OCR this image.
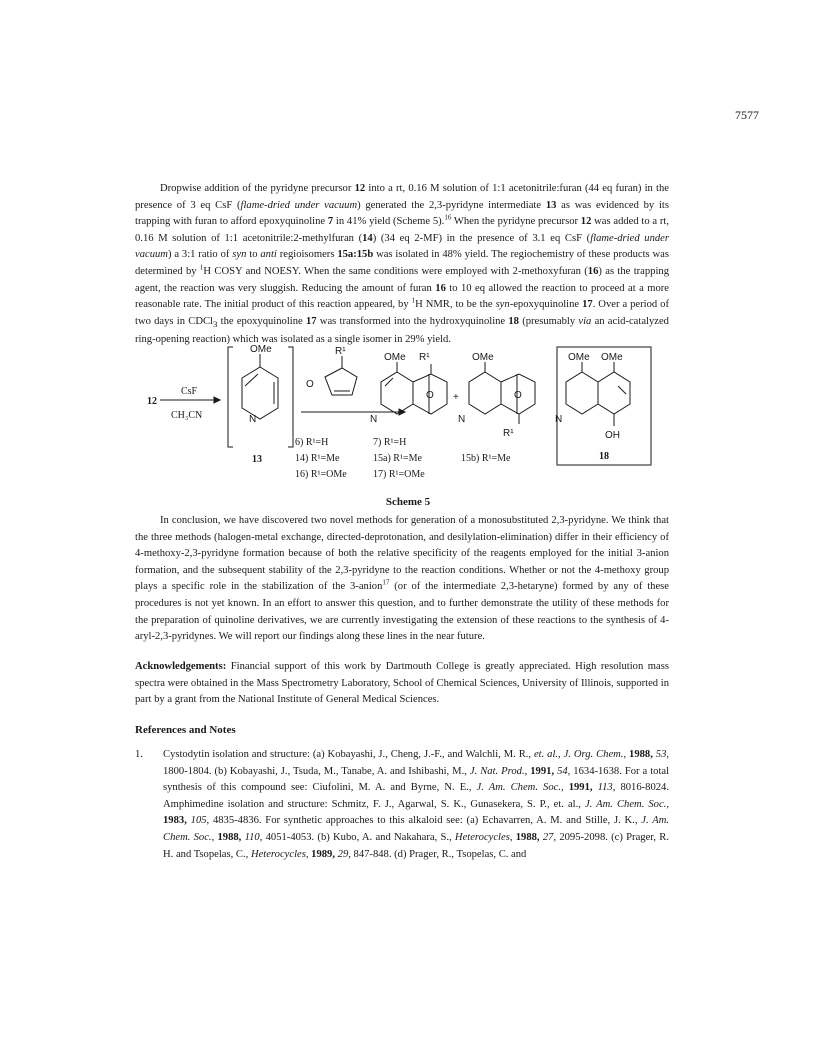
7577

Dropwise addition of the pyridyne precursor 12 into a rt, 0.16 M solution of 1:1 acetonitrile:furan (44 eq furan) in the presence of 3 eq CsF (flame-dried under vacuum) generated the 2,3-pyridyne intermediate 13 as was evidenced by its trapping with furan to afford epoxyquinoline 7 in 41% yield (Scheme 5).$^{16}$ When the pyridyne precursor 12 was added to a rt, 0.16 M solution of 1:1 acetonitrile:2-methylfuran (14) (34 eq 2-MF) in the presence of 3.1 eq CsF (flame-dried under vacuum) a 3:1 ratio of syn to anti regioisomers 15a:15b was isolated in 48% yield. The regiochemistry of these products was determined by $^1$H COSY and NOESY. When the same conditions were employed with 2-methoxyfuran (16) as the trapping agent, the reaction was very sluggish. Reducing the amount of furan 16 to 10 eq allowed the reaction to proceed at a more reasonable rate. The initial product of this reaction appeared, by $^1$H NMR, to be the syn-epoxyquinoline 17. Over a period of two days in CDCl$_3$ the epoxyquinoline 17 was transformed into the hydroxyquinoline 18 (presumably via an acid-catalyzed ring-opening reaction) which was isolated as a single isomer in 29% yield.

12
CsF
CH₃CN
OMe
N
13
R¹
O
6) R¹=H
14) R¹=Me
16) R¹=OMe
OMe R¹
O
N
7) R¹=H
15a) R¹=Me
17) R¹=OMe
+
OMe
O
N
R¹
15b) R¹=Me
OMe OMe
N
OH
18
Scheme 5

In conclusion, we have discovered two novel methods for generation of a monosubstituted 2,3-pyridyne. We think that the three methods (halogen-metal exchange, directed-deprotonation, and desilylation-elimination) differ in their efficiency of 4-methoxy-2,3-pyridyne formation because of both the relative specificity of the reagents employed for the initial 3-anion formation, and the subsequent stability of the 2,3-pyridyne to the reaction conditions. Whether or not the 4-methoxy group plays a specific role in the stabilization of the 3-anion$^{17}$ (or of the intermediate 2,3-hetaryne) formed by any of these procedures is not yet known. In an effort to answer this question, and to further demonstrate the utility of these methods for the preparation of quinoline derivatives, we are currently investigating the extension of these reactions to the synthesis of 4-aryl-2,3-pyridynes. We will report our findings along these lines in the near future.

Acknowledgements: Financial support of this work by Dartmouth College is greatly appreciated. High resolution mass spectra were obtained in the Mass Spectrometry Laboratory, School of Chemical Sciences, University of Illinois, supported in part by a grant from the National Institute of General Medical Sciences.

References and Notes

1. Cystodytin isolation and structure: (a) Kobayashi, J., Cheng, J.-F., and Walchli, M. R., et. al., J. Org. Chem., 1988, 53, 1800-1804. (b) Kobayashi, J., Tsuda, M., Tanabe, A. and Ishibashi, M., J. Nat. Prod., 1991, 54, 1634-1638. For a total synthesis of this compound see: Ciufolini, M. A. and Byrne, N. E., J. Am. Chem. Soc., 1991, 113, 8016-8024. Amphimedine isolation and structure: Schmitz, F. J., Agarwal, S. K., Gunasekera, S. P., et. al., J. Am. Chem. Soc., 1983, 105, 4835-4836. For synthetic approaches to this alkaloid see: (a) Echavarren, A. M. and Stille, J. K., J. Am. Chem. Soc., 1988, 110, 4051-4053. (b) Kubo, A. and Nakahara, S., Heterocycles, 1988, 27, 2095-2098. (c) Prager, R. H. and Tsopelas, C., Heterocycles, 1989, 29, 847-848. (d) Prager, R., Tsopelas, C. and
